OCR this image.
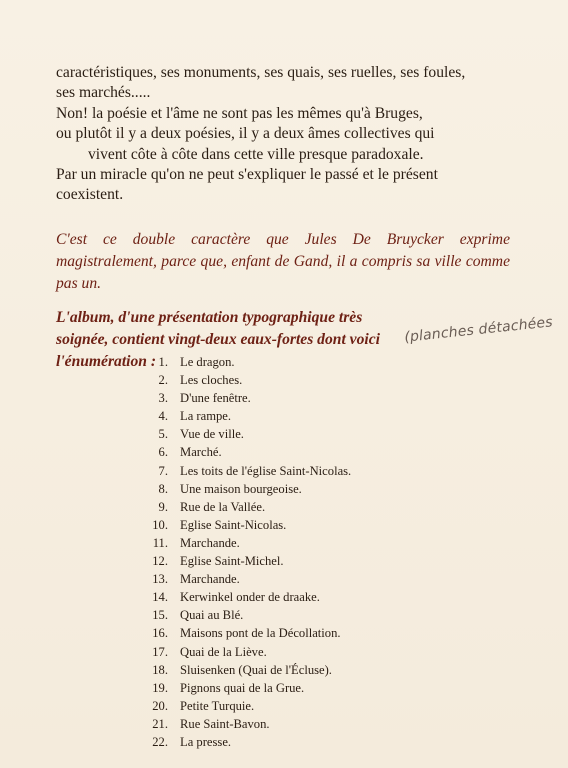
caractéristiques, ses monuments, ses quais, ses ruelles, ses foules,

ses marchés.....

Non! la poésie et l'âme ne sont pas les mêmes qu'à Bruges,

ou plutôt il y a deux poésies, il y a deux âmes collectives qui

vivent côte à côte dans cette ville presque paradoxale.

Par un miracle qu'on ne peut s'expliquer le passé et le présent

coexistent.

C'est ce double caractère que Jules De Bruycker exprime magistralement, parce que, enfant de Gand, il a compris sa ville comme pas un.

L'album, d'une présentation typographique très soignée, contient vingt-deux eaux-fortes dont voici l'énumération :

(planches détachées
1. Le dragon.
2. Les cloches.
3. D'une fenêtre.
4. La rampe.
5. Vue de ville.
6. Marché.
7. Les toits de l'église Saint-Nicolas.
8. Une maison bourgeoise.
9. Rue de la Vallée.
10. Eglise Saint-Nicolas.
11. Marchande.
12. Eglise Saint-Michel.
13. Marchande.
14. Kerwinkel onder de draake.
15. Quai au Blé.
16. Maisons pont de la Décollation.
17. Quai de la Lièvе.
18. Sluisenken (Quai de l'Écluse).
19. Pignons quai de la Grue.
20. Petite Turquie.
21. Rue Saint-Bavon.
22. La presse.
